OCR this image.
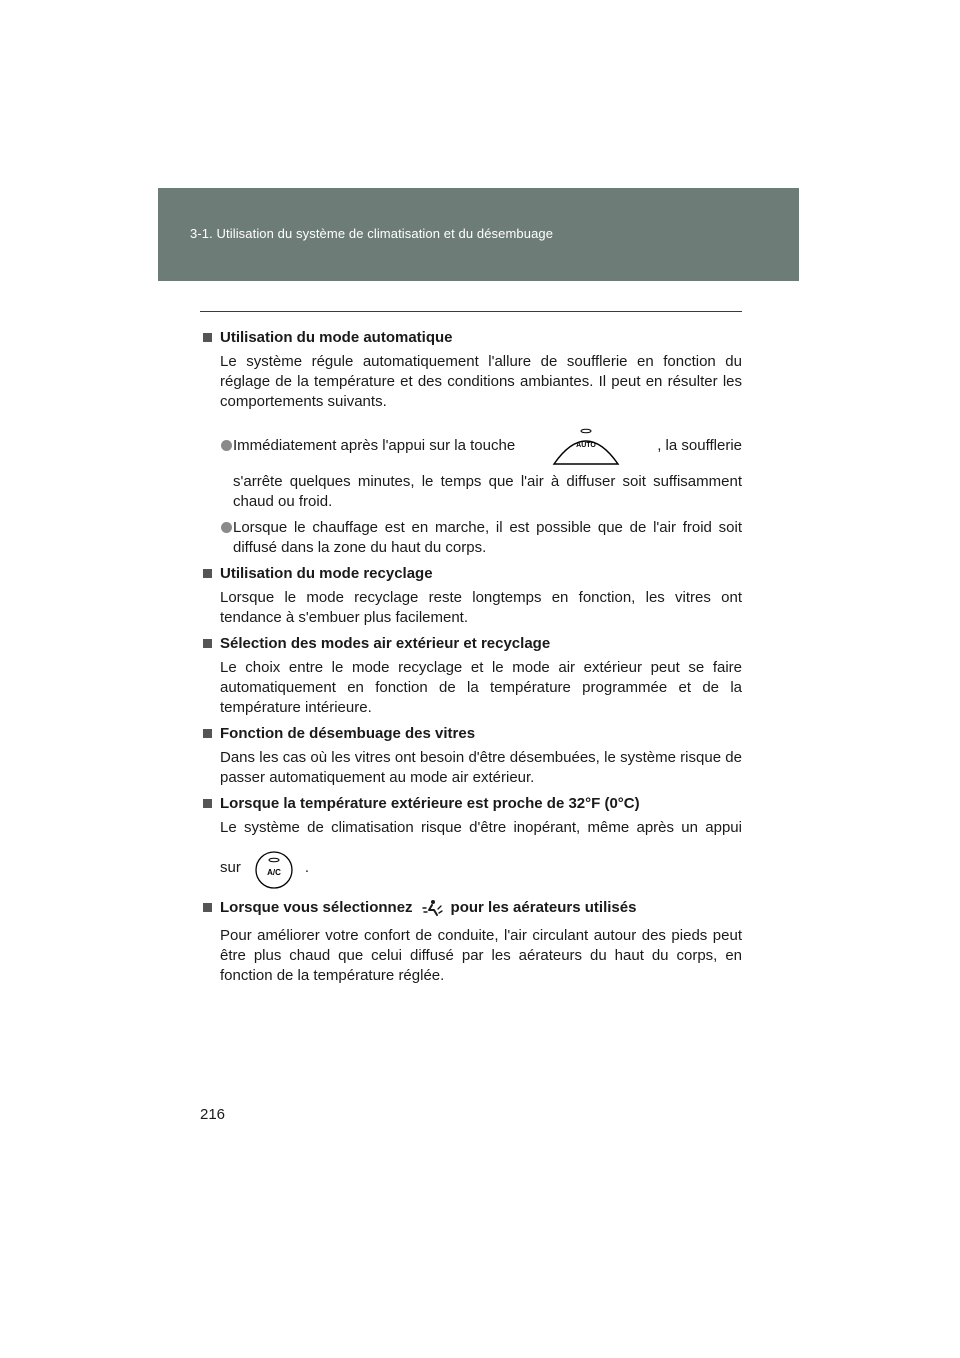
3-1. Utilisation du système de climatisation et du désembuage
Utilisation du mode automatique
Le système régule automatiquement l'allure de soufflerie en fonction du réglage de la température et des conditions ambiantes. Il peut en résulter les comportements suivants.
Immédiatement après l'appui sur la touche	AUTO	, la soufflerie
s'arrête quelques minutes, le temps que l'air à diffuser soit suffisamment chaud ou froid.
Lorsque le chauffage est en marche, il est possible que de l'air froid soit diffusé dans la zone du haut du corps.
Utilisation du mode recyclage
Lorsque le mode recyclage reste longtemps en fonction, les vitres ont tendance à s'embuer plus facilement.
Sélection des modes air extérieur et recyclage
Le choix entre le mode recyclage et le mode air extérieur peut se faire automatiquement en fonction de la température programmée et de la température intérieure.
Fonction de désembuage des vitres
Dans les cas où les vitres ont besoin d'être désembuées, le système risque de passer automatiquement au mode air extérieur.
Lorsque la température extérieure est proche de 32°F (0°C)
Le système de climatisation risque d'être inopérant, même après un appui
sur	A/C .
Lorsque vous sélectionnez	pour les aérateurs utilisés
Pour améliorer votre confort de conduite, l'air circulant autour des pieds peut être plus chaud que celui diffusé par les aérateurs du haut du corps, en fonction de la température réglée.
216
